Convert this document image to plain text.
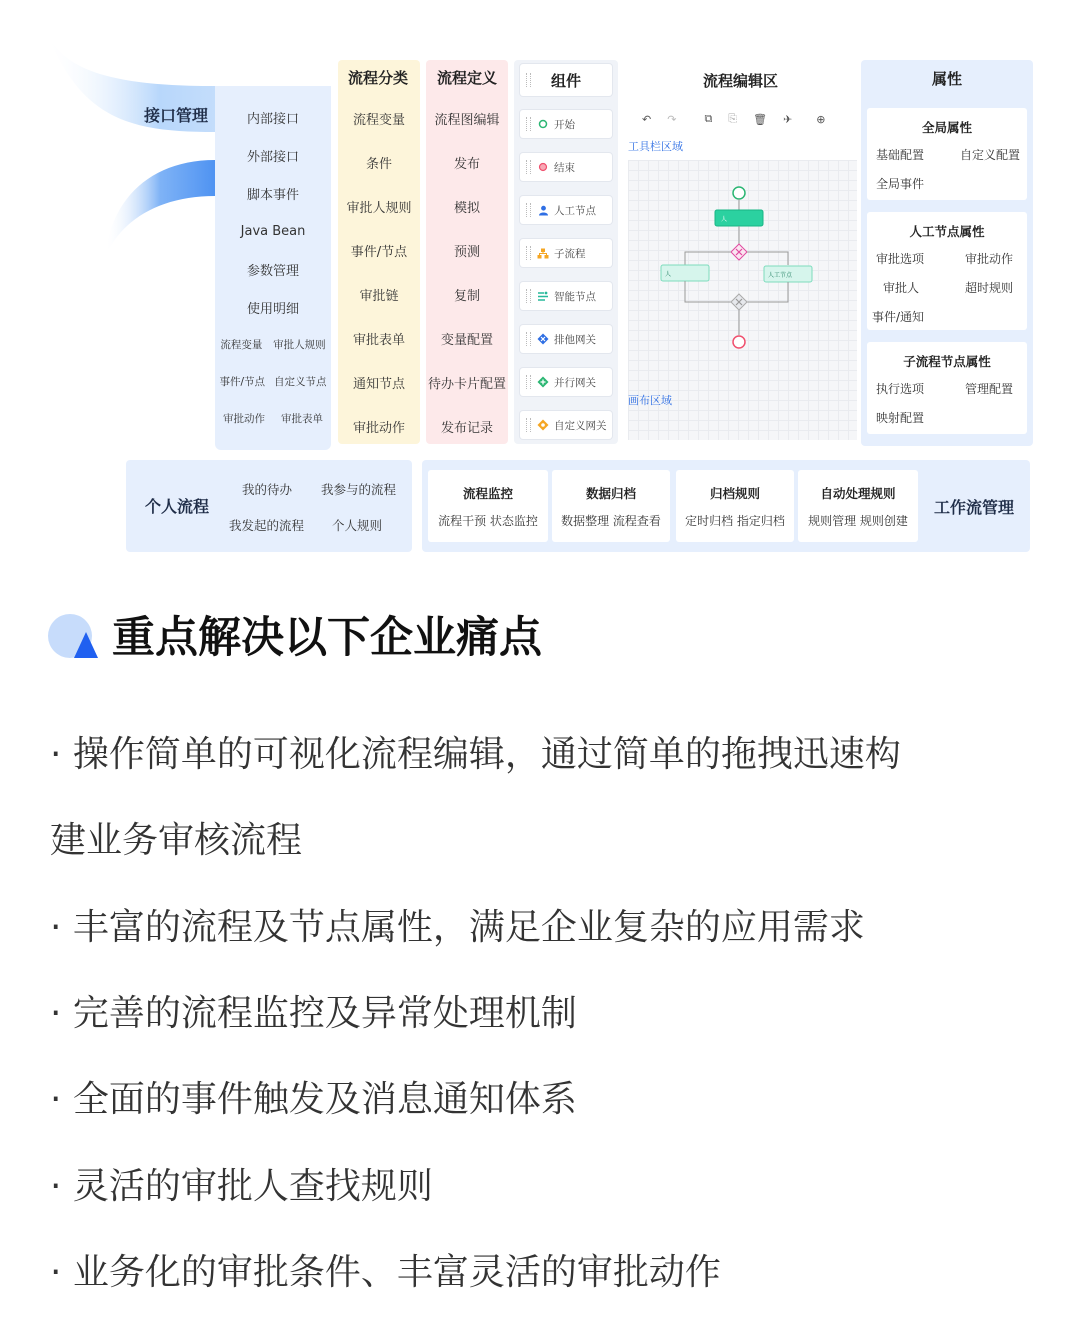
接口管理	内部接口
外部接口
脚本事件
Java Bean
参数管理
使用明细
流程变量 审批人规则
事件/节点 自定义节点
审批动作 审批表单
流程分类
流程变量
条件
审批人规则
事件/节点
审批链
审批表单
通知节点
审批动作
流程定义
流程图编辑
发布
模拟
预测
复制
变量配置
待办卡片配置
发布记录
组件
开始
结束
人工节点
子流程
智能节点
排他网关
并行网关
自定义网关
流程编辑区
↶ ↷	⧉ ⎘ 🗑 ✈ ⊕
工具栏区域
人
人	人工节点
画布区域
属性
全局属性
基础配置	自定义配置
全局事件
人工节点属性
审批选项	审批动作
审批人	超时规则
事件/通知
子流程节点属性
执行选项	管理配置
映射配置
个人流程
我的待办 我参与的流程
我发起的流程 个人规则
流程监控
流程干预 状态监控
数据归档
数据整理 流程查看
归档规则
定时归档 指定归档
自动处理规则
规则管理 规则创建
工作流管理
重点解决以下企业痛点
· 操作简单的可视化流程编辑，通过简单的拖拽迅速构
建业务审核流程
· 丰富的流程及节点属性，满足企业复杂的应用需求
· 完善的流程监控及异常处理机制
· 全面的事件触发及消息通知体系
· 灵活的审批人查找规则
· 业务化的审批条件、丰富灵活的审批动作
